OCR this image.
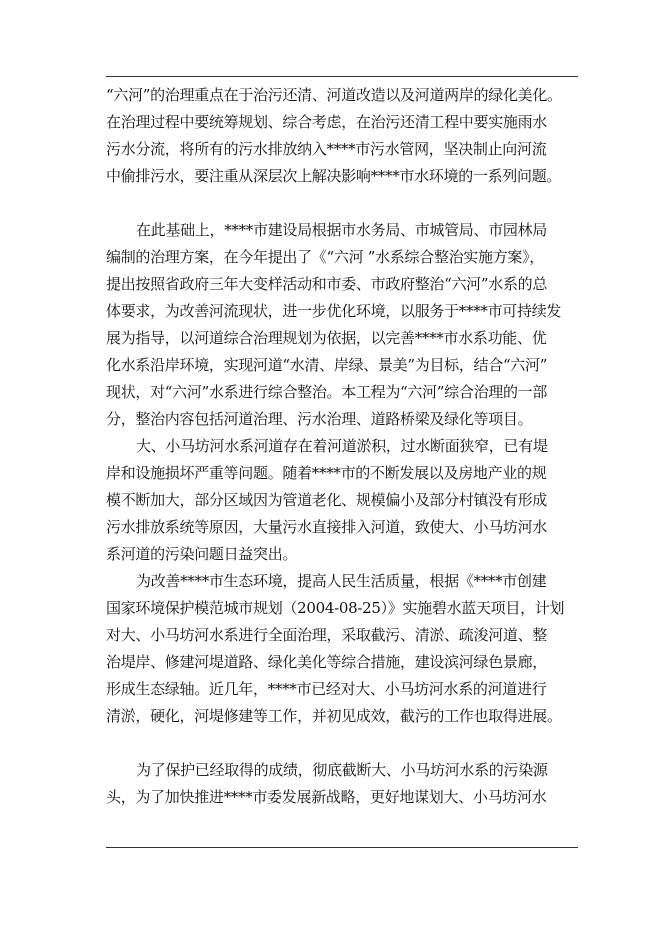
“六河”的治理重点在于治污还清、河道改造以及河道两岸的绿化美化。
在治理过程中要统筹规划、综合考虑，在治污还清工程中要实施雨水
污水分流，将所有的污水排放纳入****市污水管网，坚决制止向河流
中偷排污水，要注重从深层次上解决影响****市水环境的一系列问题。
在此基础上，****市建设局根据市水务局、市城管局、市园林局
编制的治理方案，在今年提出了《“六河 ”水系综合整治实施方案》，
提出按照省政府三年大变样活动和市委、市政府整治“六河”水系的总
体要求，为改善河流现状，进一步优化环境，以服务于****市可持续发
展为指导，以河道综合治理规划为依据，以完善****市水系功能、优
化水系沿岸环境，实现河道“水清、岸绿、景美”为目标，结合“六河”
现状，对“六河”水系进行综合整治。本工程为“六河”综合治理的一部
分，整治内容包括河道治理、污水治理、道路桥梁及绿化等项目。
大、小马坊河水系河道存在着河道淤积，过水断面狭窄，已有堤
岸和设施损坏严重等问题。随着****市的不断发展以及房地产业的规
模不断加大，部分区域因为管道老化、规模偏小及部分村镇没有形成
污水排放系统等原因，大量污水直接排入河道，致使大、小马坊河水
系河道的污染问题日益突出。
为改善****市生态环境，提高人民生活质量，根据《****市创建
国家环境保护模范城市规划（2004-08-25）》实施碧水蓝天项目，计划
对大、小马坊河水系进行全面治理，采取截污、清淤、疏浚河道、整
治堤岸、修建河堤道路、绿化美化等综合措施，建设滨河绿色景廊，
形成生态绿轴。近几年，****市已经对大、小马坊河水系的河道进行
清淤，硬化，河堤修建等工作，并初见成效，截污的工作也取得进展。
为了保护已经取得的成绩，彻底截断大、小马坊河水系的污染源
头，为了加快推进****市委发展新战略，更好地谋划大、小马坊河水
